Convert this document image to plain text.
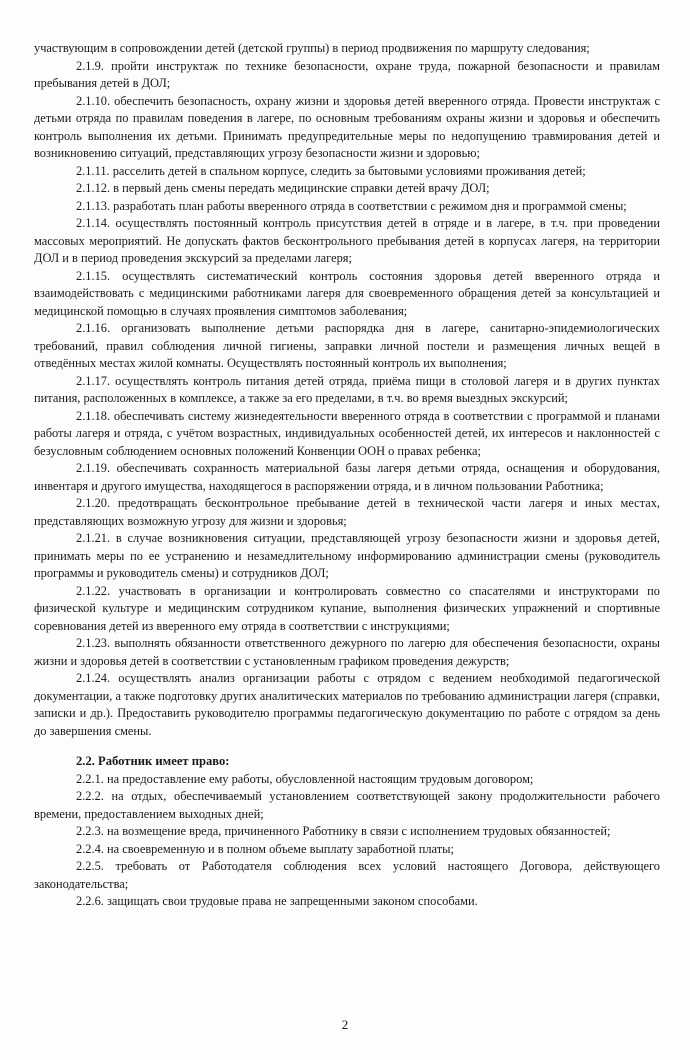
участвующим в сопровождении детей (детской группы) в период продвижения по маршруту следования;

2.1.9. пройти инструктаж по технике безопасности, охране труда, пожарной безопасности и правилам пребывания детей в ДОЛ;

2.1.10. обеспечить безопасность, охрану жизни и здоровья детей вверенного отряда. Провести инструктаж с детьми отряда по правилам поведения в лагере, по основным требованиям охраны жизни и здоровья и обеспечить контроль выполнения их детьми. Принимать предупредительные меры по недопущению травмирования детей и возникновению ситуаций, представляющих угрозу безопасности жизни и здоровью;

2.1.11. расселить детей в спальном корпусе, следить за бытовыми условиями проживания детей;

2.1.12. в первый день смены передать медицинские справки детей врачу ДОЛ;

2.1.13. разработать план работы вверенного отряда в соответствии с режимом дня и программой смены;

2.1.14. осуществлять постоянный контроль присутствия детей в отряде и в лагере, в т.ч. при проведении массовых мероприятий. Не допускать фактов бесконтрольного пребывания детей в корпусах лагеря, на территории ДОЛ и в период проведения экскурсий за пределами лагеря;

2.1.15. осуществлять систематический контроль состояния здоровья детей вверенного отряда и взаимодействовать с медицинскими работниками лагеря для своевременного обращения детей за консультацией и медицинской помощью в случаях проявления симптомов заболевания;

2.1.16. организовать выполнение детьми распорядка дня в лагере, санитарно-эпидемиологических требований, правил соблюдения личной гигиены, заправки личной постели и размещения личных вещей в отведённых местах жилой комнаты. Осуществлять постоянный контроль их выполнения;

2.1.17. осуществлять контроль питания детей отряда, приёма пищи в столовой лагеря и в других пунктах питания, расположенных в комплексе, а также за его пределами, в т.ч. во время выездных экскурсий;

2.1.18. обеспечивать систему жизнедеятельности вверенного отряда в соответствии с программой и планами работы лагеря и отряда, с учётом возрастных, индивидуальных особенностей детей, их интересов и наклонностей с безусловным соблюдением основных положений Конвенции ООН о правах ребенка;

2.1.19. обеспечивать сохранность материальной базы лагеря детьми отряда, оснащения и оборудования, инвентаря и другого имущества, находящегося в распоряжении отряда, и в личном пользовании Работника;

2.1.20. предотвращать бесконтрольное пребывание детей в технической части лагеря и иных местах, представляющих возможную угрозу для жизни и здоровья;

2.1.21. в случае возникновения ситуации, представляющей угрозу безопасности жизни и здоровья детей, принимать меры по ее устранению и незамедлительному информированию администрации смены (руководитель программы и руководитель смены) и сотрудников ДОЛ;

2.1.22. участвовать в организации и контролировать совместно со спасателями и инструкторами по физической культуре и медицинским сотрудником купание, выполнения физических упражнений и спортивные соревнования детей из вверенного ему отряда в соответствии с инструкциями;

2.1.23. выполнять обязанности ответственного дежурного по лагерю для обеспечения безопасности, охраны жизни и здоровья детей в соответствии с установленным графиком проведения дежурств;

2.1.24. осуществлять анализ организации работы с отрядом с ведением необходимой педагогической документации, а также подготовку других аналитических материалов по требованию администрации лагеря (справки, записки и др.). Предоставить руководителю программы педагогическую документацию по работе с отрядом за день до завершения смены.

2.2. Работник имеет право:

2.2.1. на предоставление ему работы, обусловленной настоящим трудовым договором;

2.2.2. на отдых, обеспечиваемый установлением соответствующей закону продолжительности рабочего времени, предоставлением выходных дней;

2.2.3. на возмещение вреда, причиненного Работнику в связи с исполнением трудовых обязанностей;

2.2.4. на своевременную и в полном объеме выплату заработной платы;

2.2.5. требовать от Работодателя соблюдения всех условий настоящего Договора, действующего законодательства;

2.2.6. защищать свои трудовые права не запрещенными законом способами.

2
